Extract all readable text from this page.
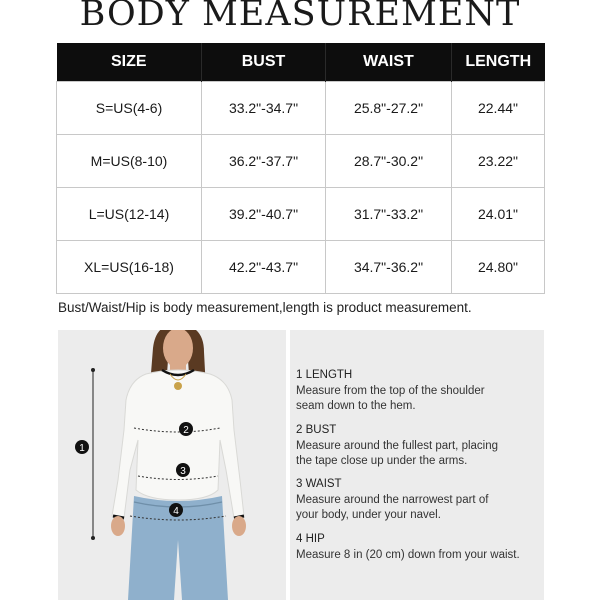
BODY MEASUREMENT
SIZE	BUST	WAIST	LENGTH
S=US(4-6)	33.2"-34.7"	25.8"-27.2"	22.44"
M=US(8-10)	36.2"-37.7"	28.7"-30.2"	23.22"
L=US(12-14)	39.2"-40.7"	31.7"-33.2"	24.01"
XL=US(16-18)	42.2"-43.7"	34.7"-36.2"	24.80"
Bust/Waist/Hip is body measurement,length is product measurement.
1
2
3
4
1 LENGTH
Measure from the top of the shoulder
seam down to the hem.
2 BUST
Measure around the fullest part, placing
the tape close up under the arms.
3 WAIST
Measure around the narrowest part of
your body, under your navel.
4 HIP
Measure 8 in (20 cm) down from your waist.
